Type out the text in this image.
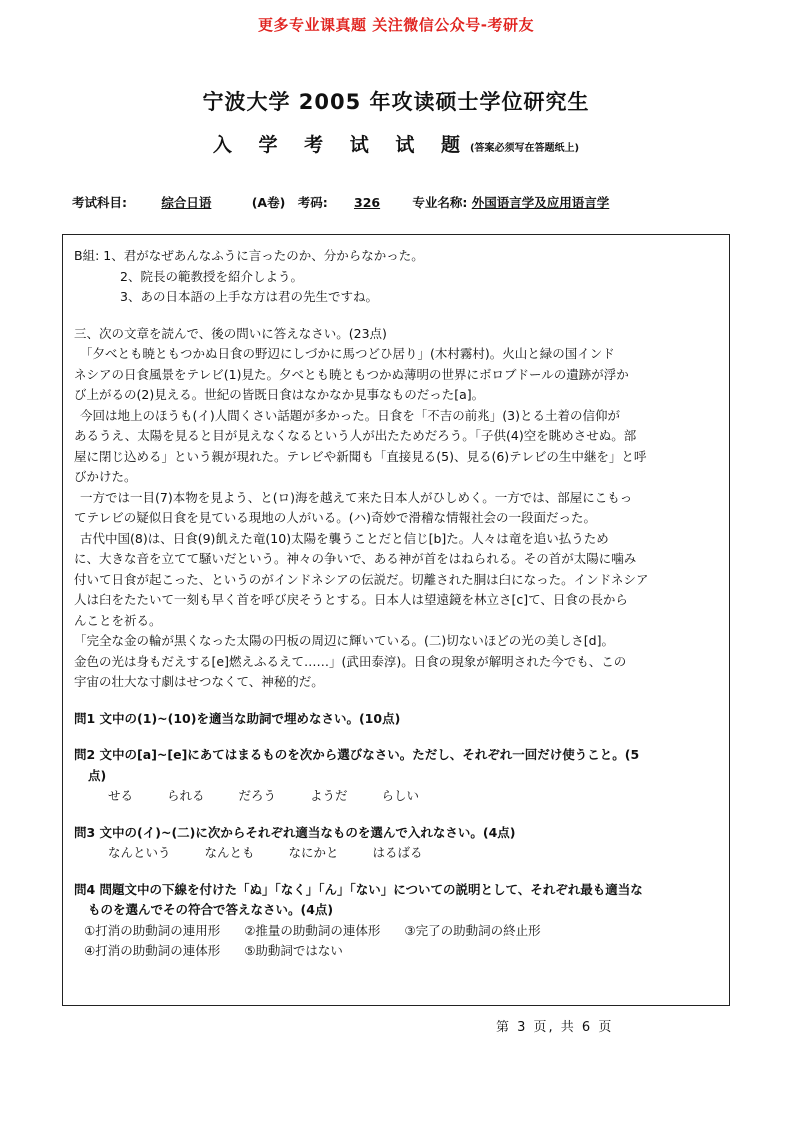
更多专业课真题 关注微信公众号-考研友
宁波大学 2005 年攻读硕士学位研究生
入 学 考 试 试 题(答案必须写在答题纸上)
考试科目:	综合日语	(A卷) 考码: 326	专业名称: 外国语言学及应用语言学
B組: 1、君がなぜあんなふうに言ったのか、分からなかった。
2、院長の範教授を紹介しよう。
3、あの日本語の上手な方は君の先生ですね。
三、次の文章を読んで、後の問いに答えなさい。(23点)
「夕べとも暁ともつかぬ日食の野辺にしづかに馬つどひ居り」(木村霧村)。火山と緑の国インド
ネシアの日食風景をテレビ(1)見た。夕べとも暁ともつかぬ薄明の世界にボロブドールの遺跡が浮か
び上がるの(2)見える。世紀の皆既日食はなかなか見事なものだった[a]。
今回は地上のほうも(イ)人間くさい話題が多かった。日食を「不吉の前兆」(3)とる土着の信仰が
あるうえ、太陽を見ると目が見えなくなるという人が出たためだろう。「子供(4)空を眺めさせぬ。部
屋に閉じ込める」という親が現れた。テレビや新聞も「直接見る(5)、見る(6)テレビの生中継を」と呼
びかけた。
一方では一目(7)本物を見よう、と(ロ)海を越えて来た日本人がひしめく。一方では、部屋にこもっ
てテレビの疑似日食を見ている現地の人がいる。(ハ)奇妙で滑稽な情報社会の一段面だった。
古代中国(8)は、日食(9)飢えた竜(10)太陽を襲うことだと信じ[b]た。人々は竜を追い払うため
に、大きな音を立てて騒いだという。神々の争いで、ある神が首をはねられる。その首が太陽に噛み
付いて日食が起こった、というのがインドネシアの伝説だ。切離された胴は臼になった。インドネシア
人は臼をたたいて一刻も早く首を呼び戻そうとする。日本人は望遠鏡を林立さ[c]て、日食の長から
んことを祈る。
「完全な金の輪が黒くなった太陽の円板の周辺に輝いている。(二)切ないほどの光の美しさ[d]。
金色の光は身もだえする[e]燃えふるえて……」(武田泰淳)。日食の現象が解明された今でも、この
宇宙の壮大な寸劇はせつなくて、神秘的だ。
問1 文中の(1)~(10)を適当な助詞で埋めなさい。(10点)
問2 文中の[a]~[e]にあてはまるものを次から選びなさい。ただし、それぞれ一回だけ使うこと。(5
点)
せる	られる	だろう	ようだ	らしい
問3 文中の(イ)~(二)に次からそれぞれ適当なものを選んで入れなさい。(4点)
なんという	なんとも	なにかと	はるばる
問4 問題文中の下線を付けた「ぬ」「なく」「ん」「ない」についての説明として、それぞれ最も適当な
ものを選んでその符合で答えなさい。(4点)
①打消の助動詞の連用形 ②推量の助動詞の連体形 ③完了の助動詞の終止形
④打消の助動詞の連体形 ⑤助動詞ではない
第 3 页, 共 6 页
